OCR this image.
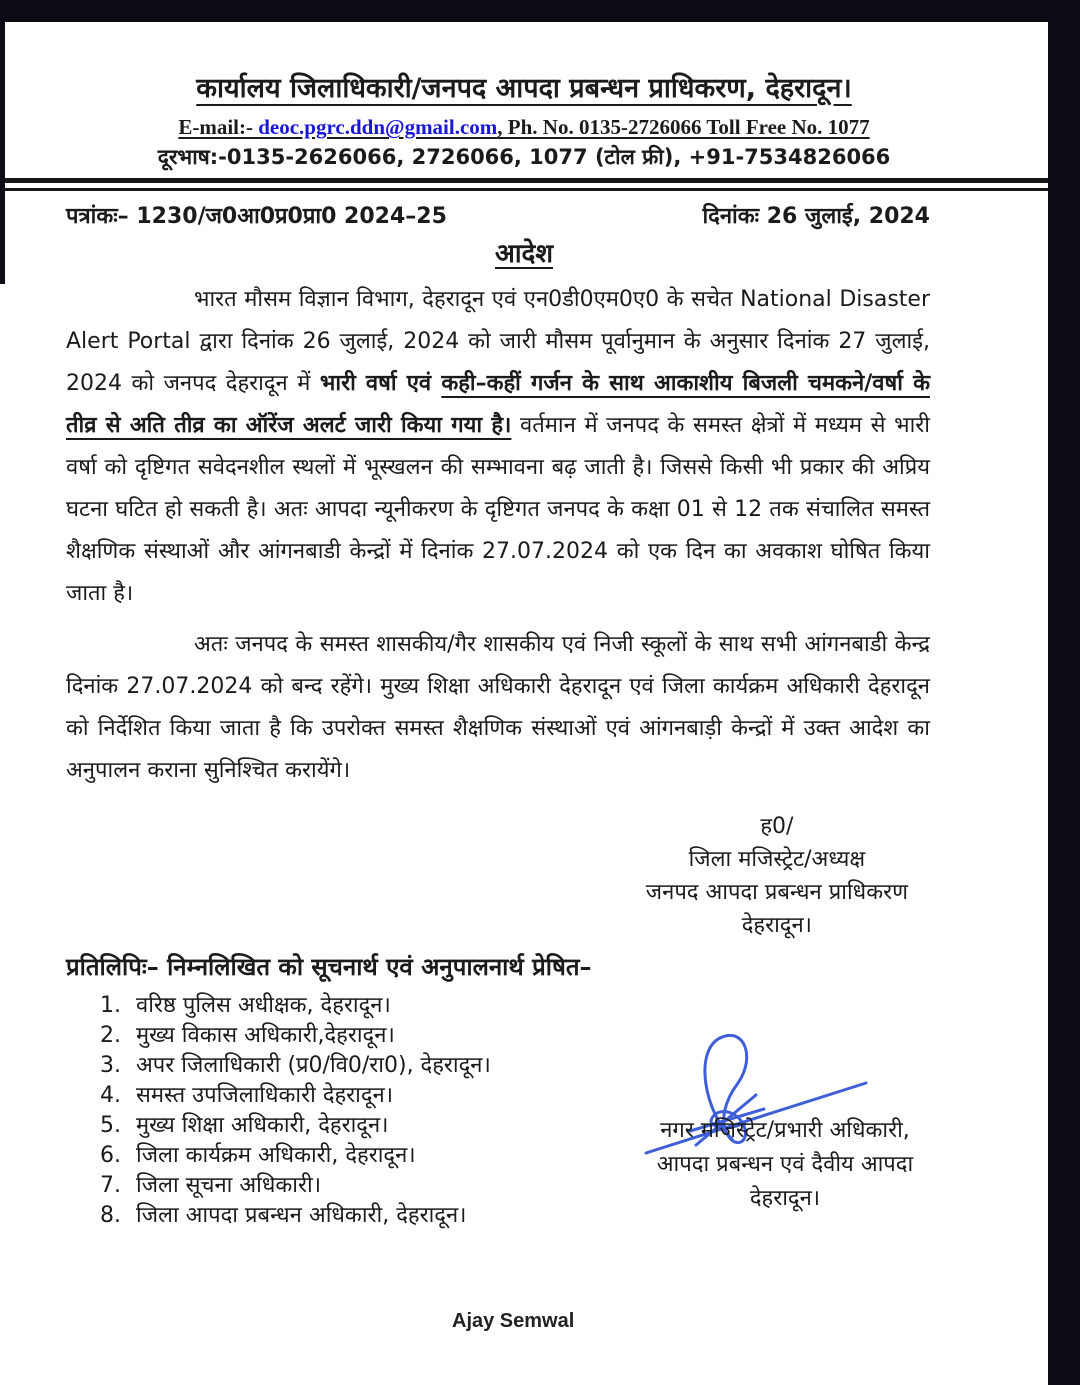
कार्यालय जिलाधिकारी/जनपद आपदा प्रबन्धन प्राधिकरण, देहरादून।
E-mail:- deoc.pgrc.ddn@gmail.com, Ph. No. 0135-2726066 Toll Free No. 1077
दूरभाष:-0135-2626066, 2726066, 1077 (टोल फ्री), +91-7534826066
पत्रांकः– 1230/ज0आ0प्र0प्रा0 2024–25	दिनांकः 26 जुलाई, 2024
आदेश

भारत मौसम विज्ञान विभाग, देहरादून एवं एन0डी0एम0ए0 के सचेत National Disaster Alert Portal द्वारा दिनांक 26 जुलाई, 2024 को जारी मौसम पूर्वानुमान के अनुसार दिनांक 27 जुलाई, 2024 को जनपद देहरादून में भारी वर्षा एवं कही–कहीं गर्जन के साथ आकाशीय बिजली चमकने/वर्षा के तीव्र से अति तीव्र का ऑरेंज अलर्ट जारी किया गया है। वर्तमान में जनपद के समस्त क्षेत्रों में मध्यम से भारी वर्षा को दृष्टिगत सवेदनशील स्थलों में भूस्खलन की सम्भावना बढ़ जाती है। जिससे किसी भी प्रकार की अप्रिय घटना घटित हो सकती है। अतः आपदा न्यूनीकरण के दृष्टिगत जनपद के कक्षा 01 से 12 तक संचालित समस्त शैक्षणिक संस्थाओं और आंगनबाडी केन्द्रों में दिनांक 27.07.2024 को एक दिन का अवकाश घोषित किया जाता है।

अतः जनपद के समस्त शासकीय/गैर शासकीय एवं निजी स्कूलों के साथ सभी आंगनबाडी केन्द्र दिनांक 27.07.2024 को बन्द रहेंगे। मुख्य शिक्षा अधिकारी देहरादून एवं जिला कार्यक्रम अधिकारी देहरादून को निर्देशित किया जाता है कि उपरोक्त समस्त शैक्षणिक संस्थाओं एवं आंगनबाड़ी केन्द्रों में उक्त आदेश का अनुपालन कराना सुनिश्चित करायेंगे।

ह0/
जिला मजिस्ट्रेट/अध्यक्ष
जनपद आपदा प्रबन्धन प्राधिकरण
देहरादून।
प्रतिलिपिः– निम्नलिखित को सूचनार्थ एवं अनुपालनार्थ प्रेषित–
1. वरिष्ठ पुलिस अधीक्षक, देहरादून।
2. मुख्य विकास अधिकारी,देहरादून।
3. अपर जिलाधिकारी (प्र0/वि0/रा0), देहरादून।
4. समस्त उपजिलाधिकारी देहरादून।
5. मुख्य शिक्षा अधिकारी, देहरादून।
6. जिला कार्यक्रम अधिकारी, देहरादून।
7. जिला सूचना अधिकारी।
8. जिला आपदा प्रबन्धन अधिकारी, देहरादून।
नगर मजिस्ट्रेट/प्रभारी अधिकारी,
आपदा प्रबन्धन एवं दैवीय आपदा
देहरादून।
Ajay Semwal
